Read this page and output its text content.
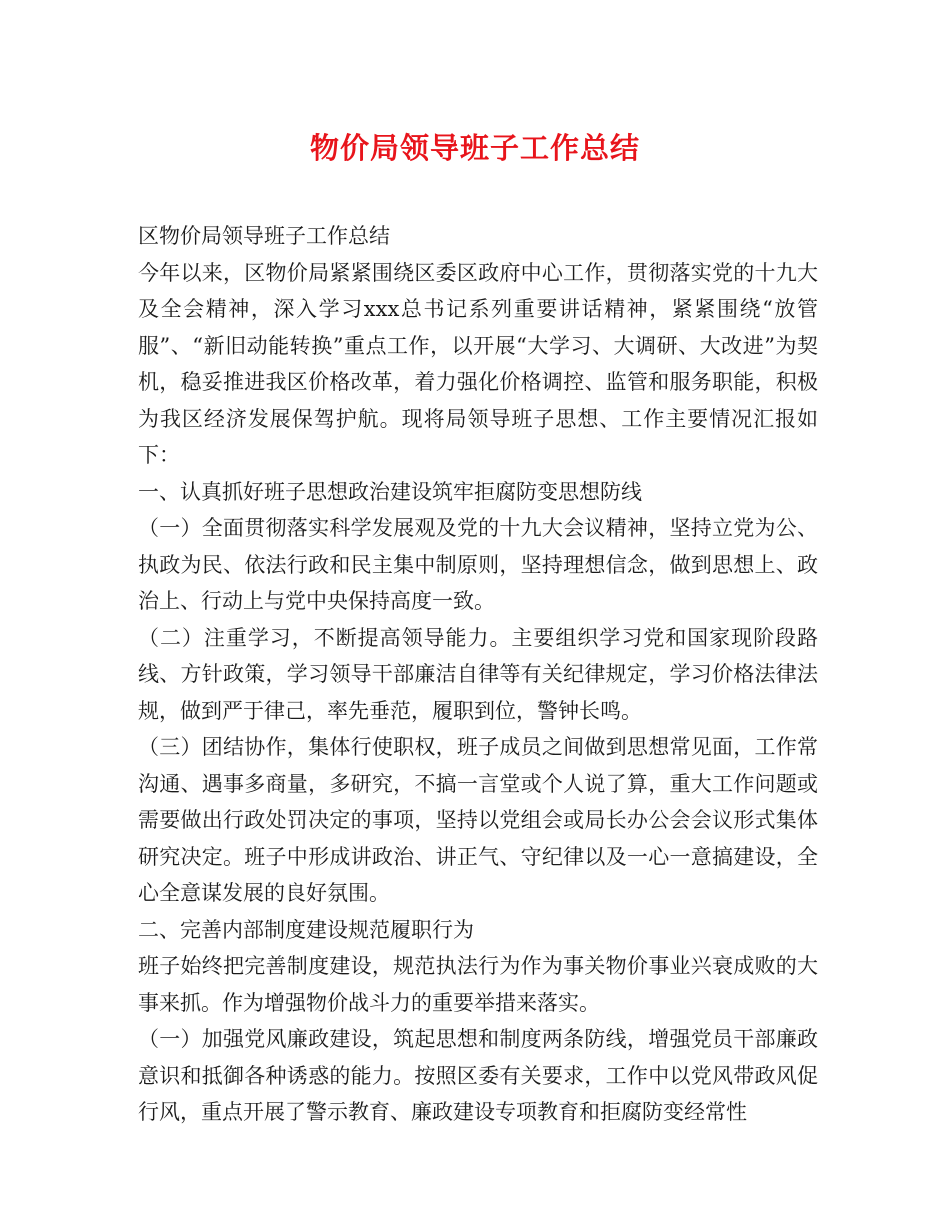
物价局领导班子工作总结

区物价局领导班子工作总结

今年以来，区物价局紧紧围绕区委区政府中心工作，贯彻落实党的十九大及全会精神，深入学习xxx总书记系列重要讲话精神，紧紧围绕“放管服”、“新旧动能转换”重点工作，以开展“大学习、大调研、大改进”为契机，稳妥推进我区价格改革，着力强化价格调控、监管和服务职能，积极为我区经济发展保驾护航。现将局领导班子思想、工作主要情况汇报如下：

一、认真抓好班子思想政治建设筑牢拒腐防变思想防线

（一）全面贯彻落实科学发展观及党的十九大会议精神，坚持立党为公、执政为民、依法行政和民主集中制原则，坚持理想信念，做到思想上、政治上、行动上与党中央保持高度一致。

（二）注重学习，不断提高领导能力。主要组织学习党和国家现阶段路线、方针政策，学习领导干部廉洁自律等有关纪律规定，学习价格法律法规，做到严于律己，率先垂范，履职到位，警钟长鸣。

（三）团结协作，集体行使职权，班子成员之间做到思想常见面，工作常沟通、遇事多商量，多研究，不搞一言堂或个人说了算，重大工作问题或需要做出行政处罚决定的事项，坚持以党组会或局长办公会会议形式集体研究决定。班子中形成讲政治、讲正气、守纪律以及一心一意搞建设，全心全意谋发展的良好氛围。

二、完善内部制度建设规范履职行为

班子始终把完善制度建设，规范执法行为作为事关物价事业兴衰成败的大事来抓。作为增强物价战斗力的重要举措来落实。

（一）加强党风廉政建设，筑起思想和制度两条防线，增强党员干部廉政意识和抵御各种诱惑的能力。按照区委有关要求，工作中以党风带政风促行风，重点开展了警示教育、廉政建设专项教育和拒腐防变经常性
